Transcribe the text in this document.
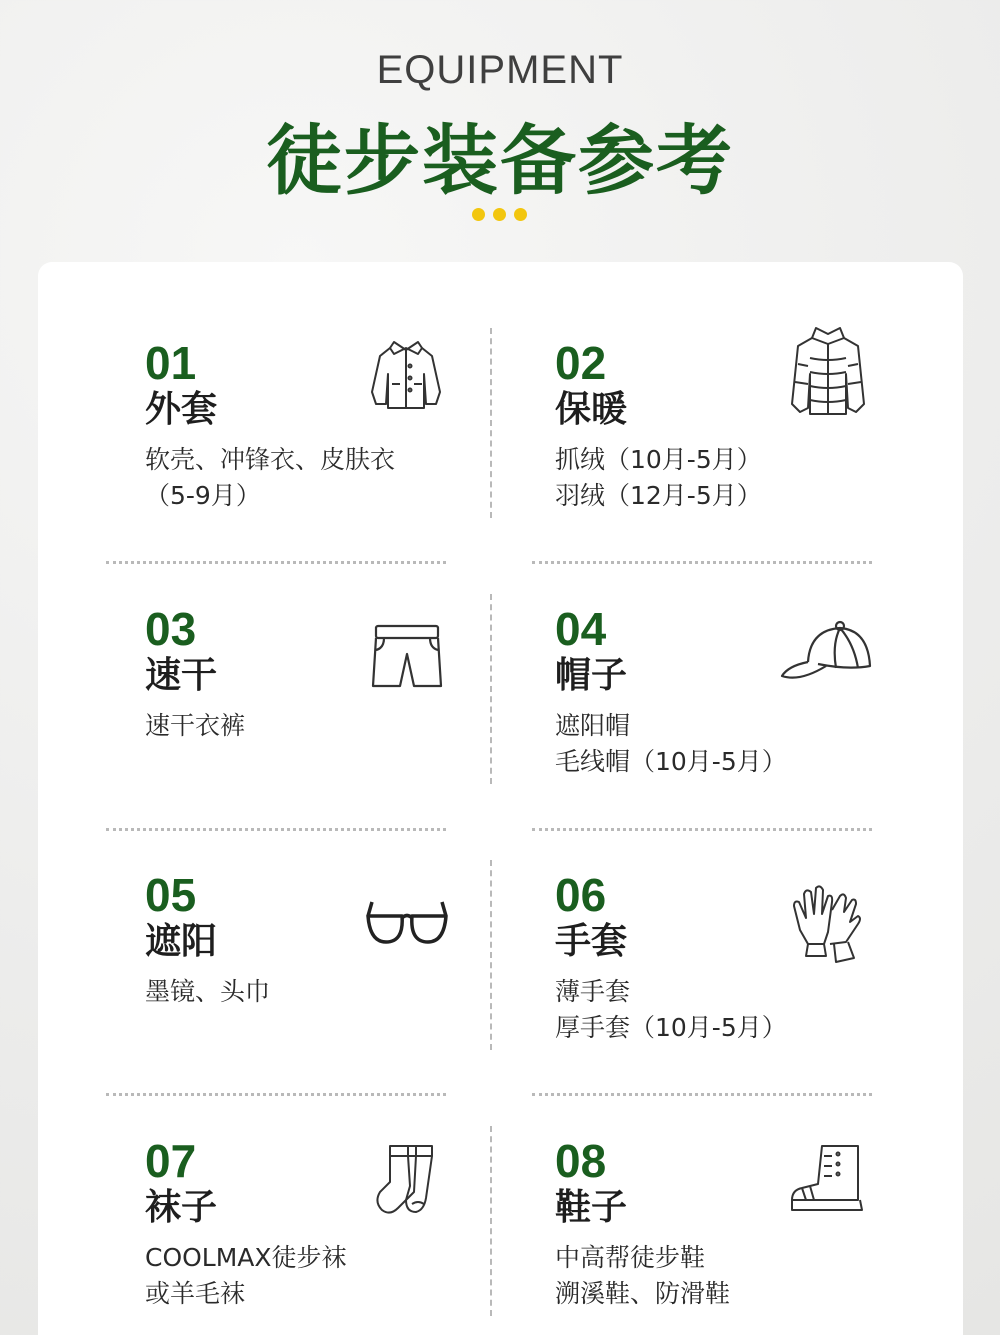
EQUIPMENT
徒步装备参考
01
外套
软壳、冲锋衣、皮肤衣
（5-9月）
02
保暖
抓绒（10月-5月）
羽绒（12月-5月）
03
速干
速干衣裤
04
帽子
遮阳帽
毛线帽（10月-5月）
05
遮阳
墨镜、头巾
06
手套
薄手套
厚手套（10月-5月）
07
袜子
COOLMAX徒步袜
或羊毛袜
08
鞋子
中高帮徒步鞋
溯溪鞋、防滑鞋
